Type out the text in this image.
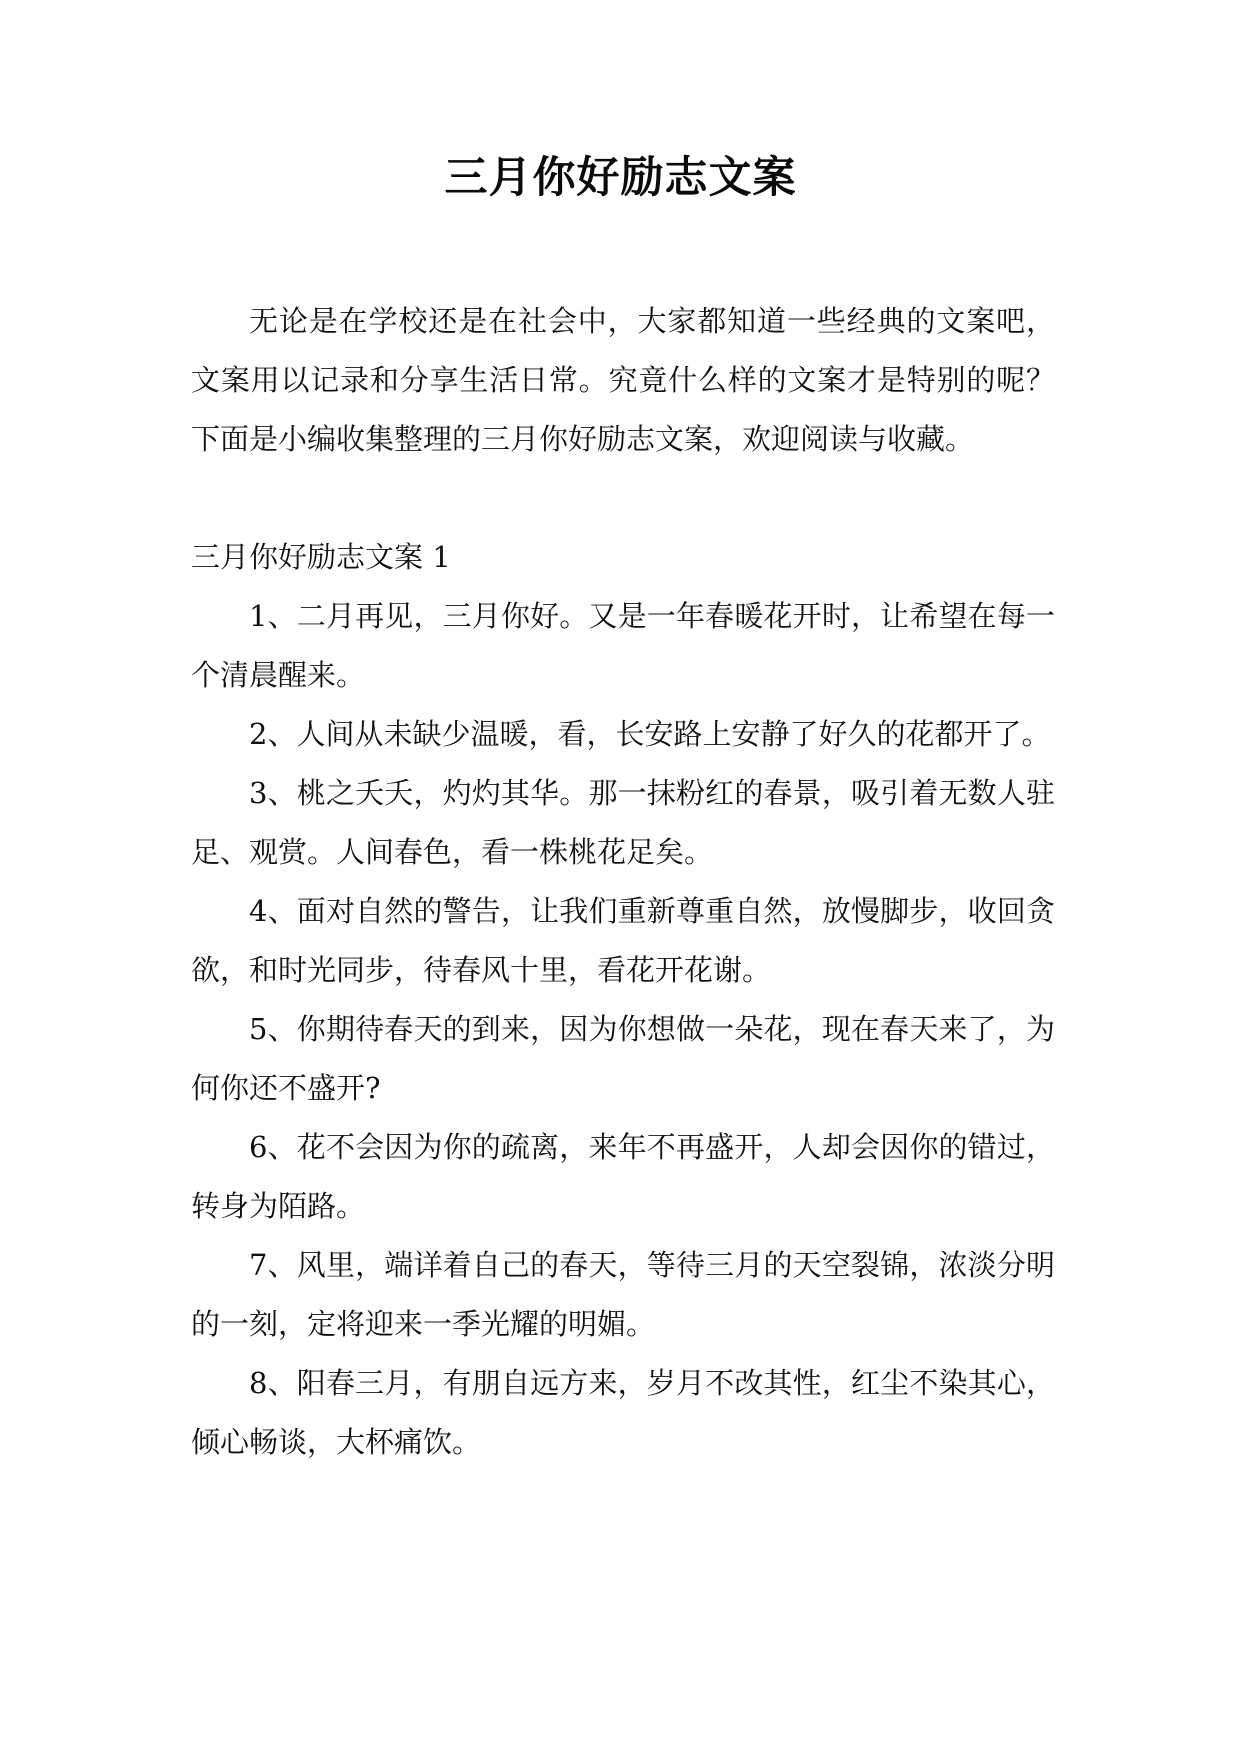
三月你好励志文案

无论是在学校还是在社会中，大家都知道一些经典的文案吧，文案用以记录和分享生活日常。究竟什么样的文案才是特别的呢？下面是小编收集整理的三月你好励志文案，欢迎阅读与收藏。

三月你好励志文案 1

1、二月再见，三月你好。又是一年春暖花开时，让希望在每一个清晨醒来。

2、人间从未缺少温暖，看，长安路上安静了好久的花都开了。

3、桃之夭夭，灼灼其华。那一抹粉红的春景，吸引着无数人驻足、观赏。人间春色，看一株桃花足矣。

4、面对自然的警告，让我们重新尊重自然，放慢脚步，收回贪欲，和时光同步，待春风十里，看花开花谢。

5、你期待春天的到来，因为你想做一朵花，现在春天来了，为何你还不盛开?

6、花不会因为你的疏离，来年不再盛开，人却会因你的错过，转身为陌路。

7、风里，端详着自己的春天，等待三月的天空裂锦，浓淡分明的一刻，定将迎来一季光耀的明媚。

8、阳春三月，有朋自远方来，岁月不改其性，红尘不染其心，倾心畅谈，大杯痛饮。
